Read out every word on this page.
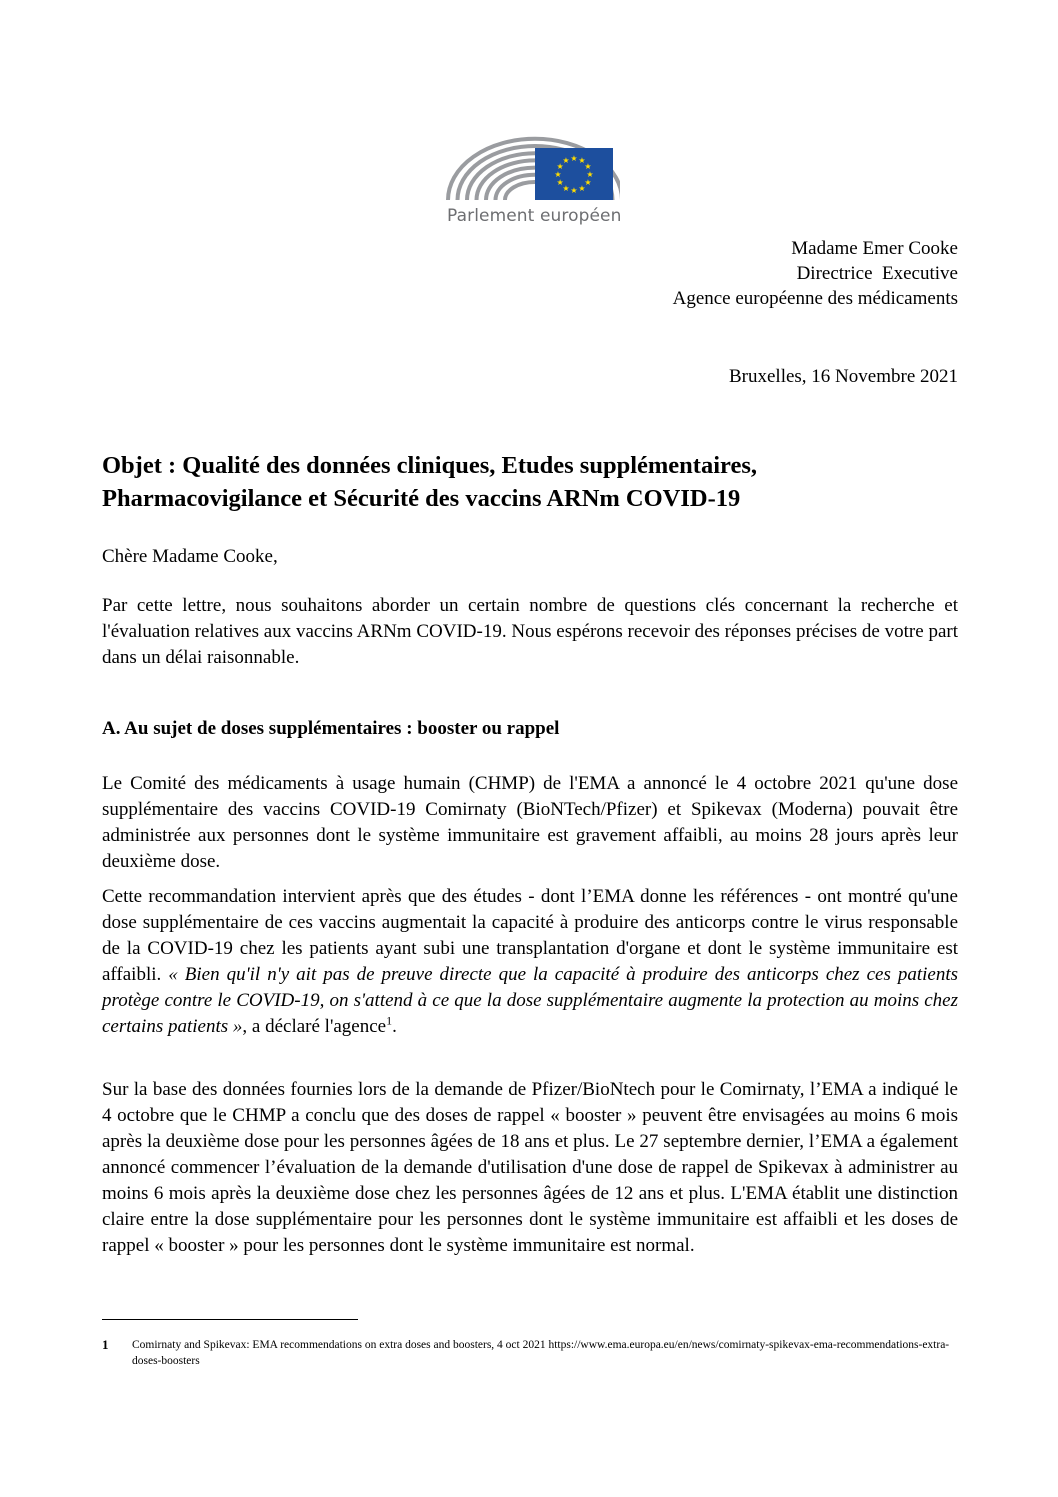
★
★
★
★
★
★
★
★
★ ★ ★
★
Parlement européen
Madame Emer Cooke
Directrice  Executive
Agence européenne des médicaments
Bruxelles, 16 Novembre 2021
Objet : Qualité des données cliniques, Etudes supplémentaires,
Pharmacovigilance et Sécurité des vaccins ARNm COVID-19
Chère Madame Cooke,
Par cette lettre, nous souhaitons aborder un certain nombre de questions clés concernant la recherche et l'évaluation relatives aux vaccins ARNm COVID-19. Nous espérons recevoir des réponses précises de votre part dans un délai raisonnable.
A. Au sujet de doses supplémentaires : booster ou rappel
Le Comité des médicaments à usage humain (CHMP) de l'EMA a annoncé le 4 octobre 2021 qu'une dose supplémentaire des vaccins COVID-19 Comirnaty (BioNTech/Pfizer) et Spikevax (Moderna) pouvait être administrée aux personnes dont le système immunitaire est gravement affaibli, au moins 28 jours après leur deuxième dose.
Cette recommandation intervient après que des études - dont l’EMA donne les références - ont montré qu'une dose supplémentaire de ces vaccins augmentait la capacité à produire des anticorps contre le virus responsable de la COVID-19 chez les patients ayant subi une transplantation d'organe et dont le système immunitaire est affaibli. « Bien qu'il n'y ait pas de preuve directe que la capacité à produire des anticorps chez ces patients protège contre le COVID-19, on s'attend à ce que la dose supplémentaire augmente la protection au moins chez certains patients », a déclaré l'agence$^1$.
Sur la base des données fournies lors de la demande de Pfizer/BioNtech pour le Comirnaty, l’EMA a indiqué le 4 octobre que le CHMP a conclu que des doses de rappel « booster » peuvent être envisagées au moins 6 mois après la deuxième dose pour les personnes âgées de 18 ans et plus. Le 27 septembre dernier, l’EMA a également annoncé commencer l’évaluation de la demande d'utilisation d'une dose de rappel de Spikevax à administrer au moins 6 mois après la deuxième dose chez les personnes âgées de 12 ans et plus. L'EMA établit une distinction claire entre la dose supplémentaire pour les personnes dont le système immunitaire est affaibli et les doses de rappel « booster » pour les personnes dont le système immunitaire est normal.
1 Comirnaty and Spikevax: EMA recommendations on extra doses and boosters, 4 oct 2021 https://www.ema.europa.eu/en/news/comirnaty-spikevax-ema-recommendations-extra-doses-boosters
